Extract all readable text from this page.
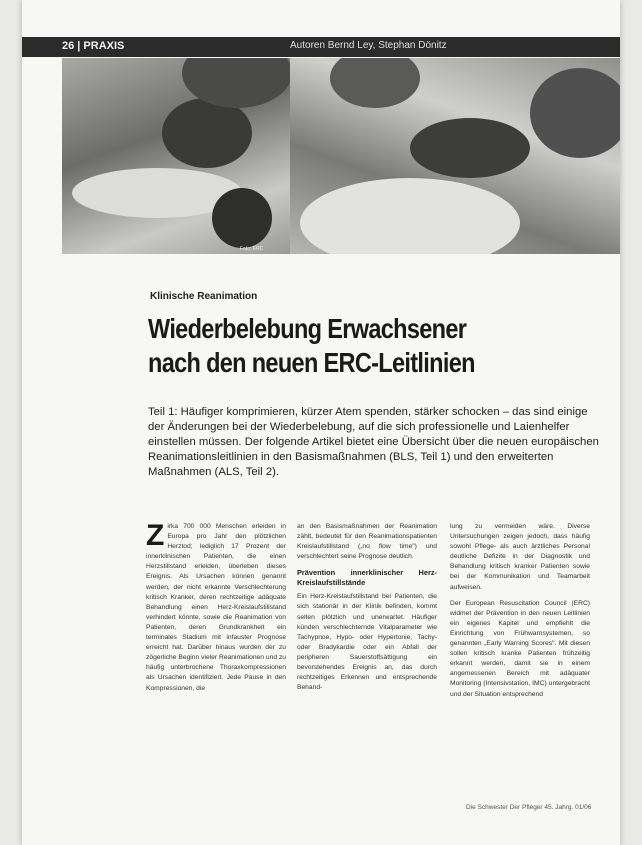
26 | PRAXIS	Autoren Bernd Ley, Stephan Dönitz
Foto: ERC
Klinische Reanimation
Wiederbelebung Erwachsener
nach den neuen ERC-Leitlinien
Teil 1: Häufiger komprimieren, kürzer Atem spenden, stärker schocken – das sind einige der Änderungen bei der Wiederbelebung, auf die sich professionelle und Laienhelfer einstellen müssen. Der folgende Artikel bietet eine Übersicht über die neuen europäischen Reanimationsleitlinien in den Basismaßnahmen (BLS, Teil 1) und den erweiterten Maßnahmen (ALS, Teil 2).
Zirka 700 000 Menschen erleiden in Europa pro Jahr den plötzlichen Herztod; lediglich 17 Prozent der innerklinischen Patienten, die einen Herzstillstand erleiden, überleben dieses Ereignis. Als Ursachen können genannt werden, der nicht erkannte Verschlechterung kritisch Kranker, deren rechtzeitige adäquate Behandlung einen Herz-Kreislaufstillstand verhindert könnte, sowie die Reanimation von Patienten, deren Grundkrankheit ein terminales Stadium mit infauster Prognose erreicht hat. Darüber hinaus wurden der zu zögerliche Beginn vieler Reanimationen und zu häufig unterbrochene Thoraxkompressionen als Ursachen identifiziert. Jede Pause in den Kompressionen, die
an den Basismaßnahmen der Reanimation zählt, bedeutet für den Reanimationspatienten Kreislaufstillstand („no flow time") und verschlechtert seine Prognose deutlich.
Prävention innerklinischer Herz-Kreislaufstillstände
Ein Herz-Kreislaufstillstand bei Patienten, die sich stationär in der Klinik befinden, kommt selten plötzlich und unerwartet. Häufiger künden verschlechternde Vitalparameter wie Tachypnoe, Hypo- oder Hypertonie, Tachy- oder Bradykardie oder ein Abfall der peripheren Sauerstoffsättigung ein bevorstehendes Ereignis an, das durch rechtzeitiges Erkennen und entsprechende Behand-
lung zu vermeiden wäre. Diverse Untersuchungen zeigen jedoch, dass häufig sowohl Pflege- als auch ärztliches Personal deutliche Defizite in der Diagnostik und Behandlung kritisch kranker Patienten sowie bei der Kommunikation und Teamarbeit aufweisen.
Der European Resuscitation Council (ERC) widmet der Prävention in den neuen Leitlinien ein eigenes Kapitel und empfiehlt die Einrichtung von Frühwarnsystemen, so genannten „Early Warning Scores". Mit diesen sollen kritisch kranke Patienten frühzeitig erkannt werden, damit sie in einem angemessenen Bereich mit adäquater Monitoring (Intensivstation, IMC) untergebracht und der Situation entsprechend
Die Schwester Der Pfleger 45. Jahrg. 01/06
